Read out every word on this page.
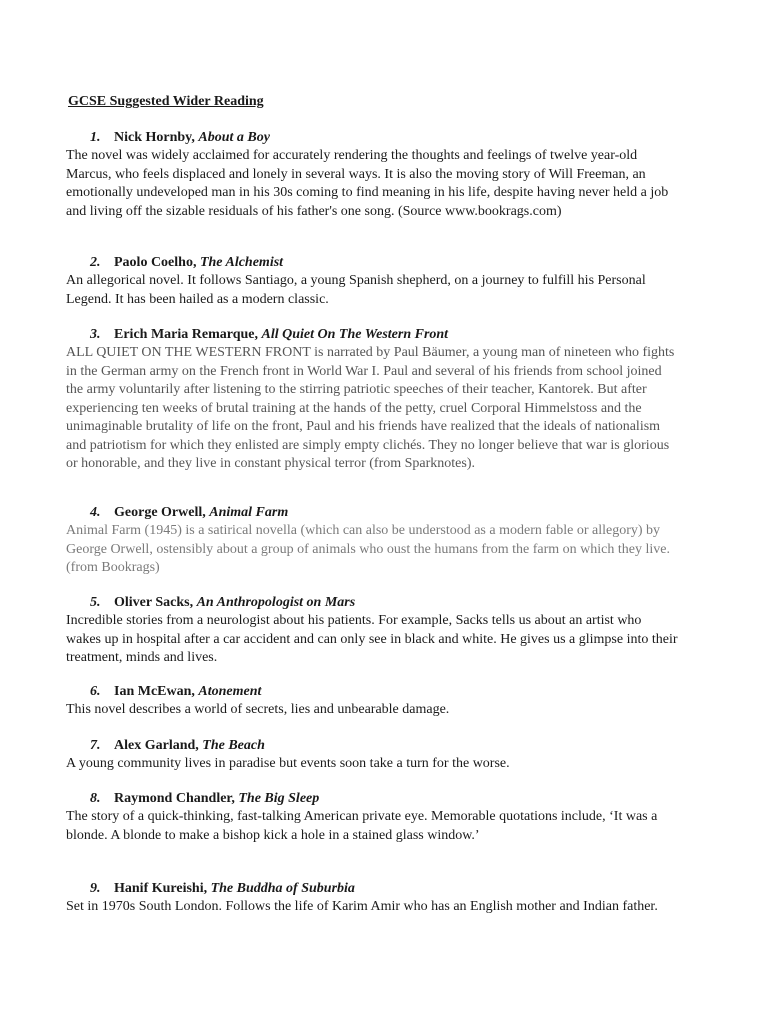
GCSE Suggested Wider Reading
1. Nick Hornby, About a Boy

The novel was widely acclaimed for accurately rendering the thoughts and feelings of twelve year-old Marcus, who feels displaced and lonely in several ways. It is also the moving story of Will Freeman, an emotionally undeveloped man in his 30s coming to find meaning in his life, despite having never held a job and living off the sizable residuals of his father's one song. (Source www.bookrags.com)

2. Paolo Coelho, The Alchemist

An allegorical novel. It follows Santiago, a young Spanish shepherd, on a journey to fulfill his Personal Legend. It has been hailed as a modern classic.

3. Erich Maria Remarque, All Quiet On The Western Front

ALL QUIET ON THE WESTERN FRONT is narrated by Paul Bäumer, a young man of nineteen who fights in the German army on the French front in World War I. Paul and several of his friends from school joined the army voluntarily after listening to the stirring patriotic speeches of their teacher, Kantorek. But after experiencing ten weeks of brutal training at the hands of the petty, cruel Corporal Himmelstoss and the unimaginable brutality of life on the front, Paul and his friends have realized that the ideals of nationalism and patriotism for which they enlisted are simply empty clichés. They no longer believe that war is glorious or honorable, and they live in constant physical terror (from Sparknotes).

4. George Orwell, Animal Farm

Animal Farm (1945) is a satirical novella (which can also be understood as a modern fable or allegory) by George Orwell, ostensibly about a group of animals who oust the humans from the farm on which they live. (from Bookrags)

5. Oliver Sacks, An Anthropologist on Mars

Incredible stories from a neurologist about his patients. For example, Sacks tells us about an artist who wakes up in hospital after a car accident and can only see in black and white. He gives us a glimpse into their treatment, minds and lives.

6. Ian McEwan, Atonement

This novel describes a world of secrets, lies and unbearable damage.

7. Alex Garland, The Beach

A young community lives in paradise but events soon take a turn for the worse.

8. Raymond Chandler, The Big Sleep

The story of a quick-thinking, fast-talking American private eye. Memorable quotations include, ‘It was a blonde. A blonde to make a bishop kick a hole in a stained glass window.’

9. Hanif Kureishi, The Buddha of Suburbia

Set in 1970s South London. Follows the life of Karim Amir who has an English mother and Indian father.
